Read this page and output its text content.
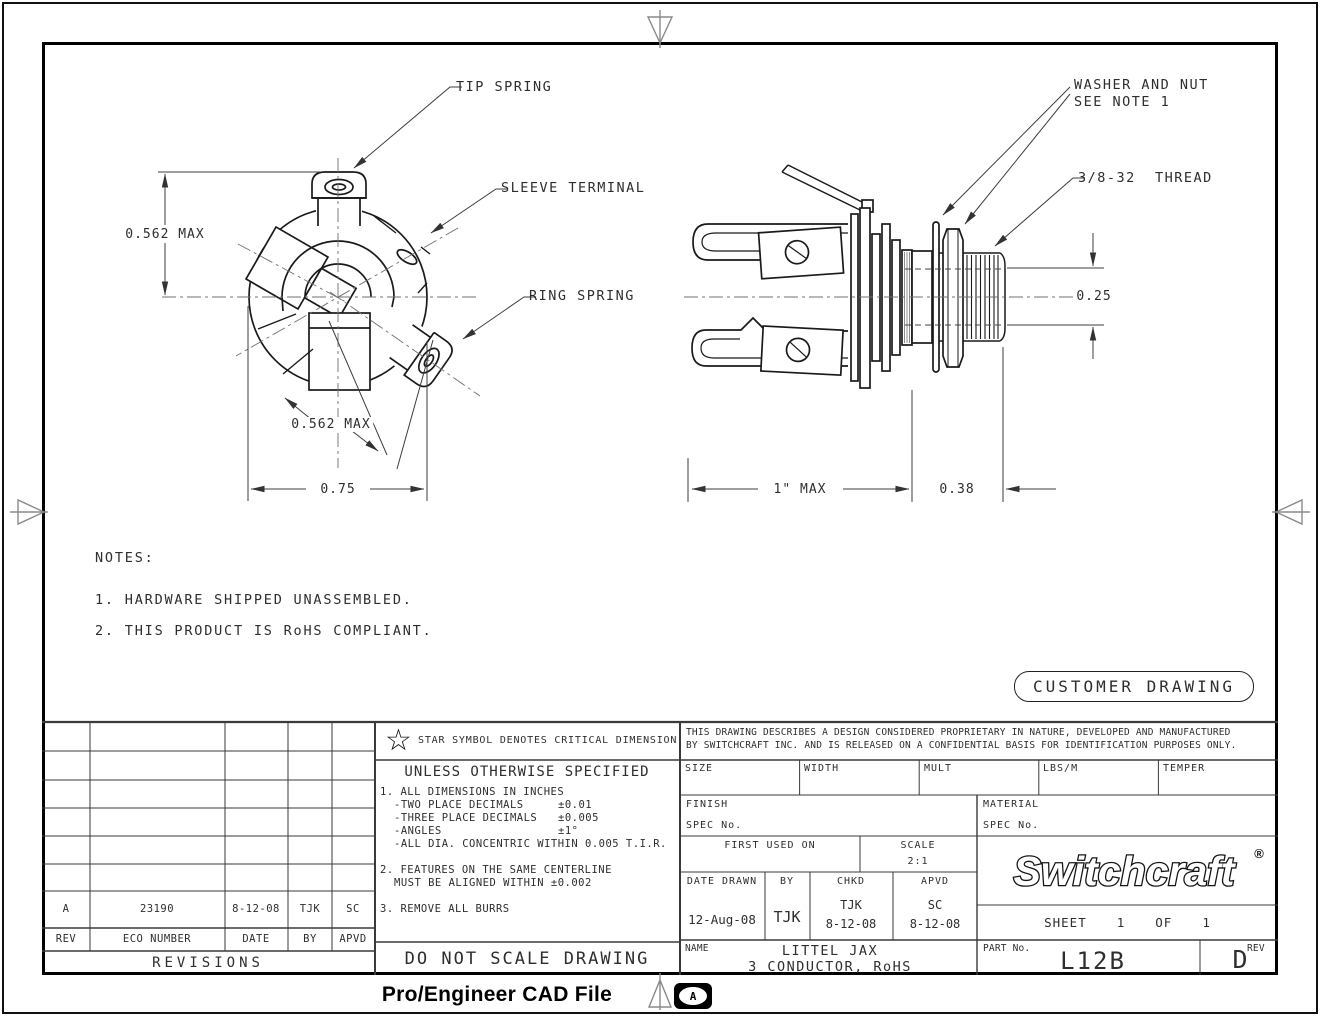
TIP SPRING
SLEEVE TERMINAL
RING SPRING
WASHER AND NUT
SEE NOTE 1
3/8-32  THREAD
0.562 MAX
0.562 MAX
0.75	1" MAX	0.38
0.25
NOTES:
1. HARDWARE SHIPPED UNASSEMBLED.
2. THIS PRODUCT IS RoHS COMPLIANT.
CUSTOMER DRAWING
A	23190	8-12-08 TJK SC
REV	ECO NUMBER	DATE	BY APVD
REVISIONS
☆ STAR SYMBOL DENOTES CRITICAL DIMENSION
UNLESS OTHERWISE SPECIFIED
1. ALL DIMENSIONS IN INCHES
-TWO PLACE DECIMALS	±0.01
-THREE PLACE DECIMALS ±0.005
-ANGLES	±1°
-ALL DIA. CONCENTRIC WITHIN 0.005 T.I.R.
2. FEATURES ON THE SAME CENTERLINE
MUST BE ALIGNED WITHIN ±0.002
3. REMOVE ALL BURRS
DO NOT SCALE DRAWING
THIS DRAWING DESCRIBES A DESIGN CONSIDERED PROPRIETARY IN NATURE, DEVELOPED AND MANUFACTURED
BY SWITCHCRAFT INC. AND IS RELEASED ON A CONFIDENTIAL BASIS FOR IDENTIFICATION PURPOSES ONLY.
SIZE	WIDTH	MULT	LBS/M	TEMPER
FINISH
SPEC No.
MATERIAL
SPEC No.
FIRST USED ON	SCALE
2:1
DATE DRAWN BY	CHKD	APVD
12-Aug-08 TJK
TJK
8-12-08
SC
8-12-08
Switchcraft ®
SHEET 1 OF 1
NAME	LITTEL JAX
3 CONDUCTOR, RoHS
PART No. L12B	REV
D
Pro/Engineer CAD File	A
